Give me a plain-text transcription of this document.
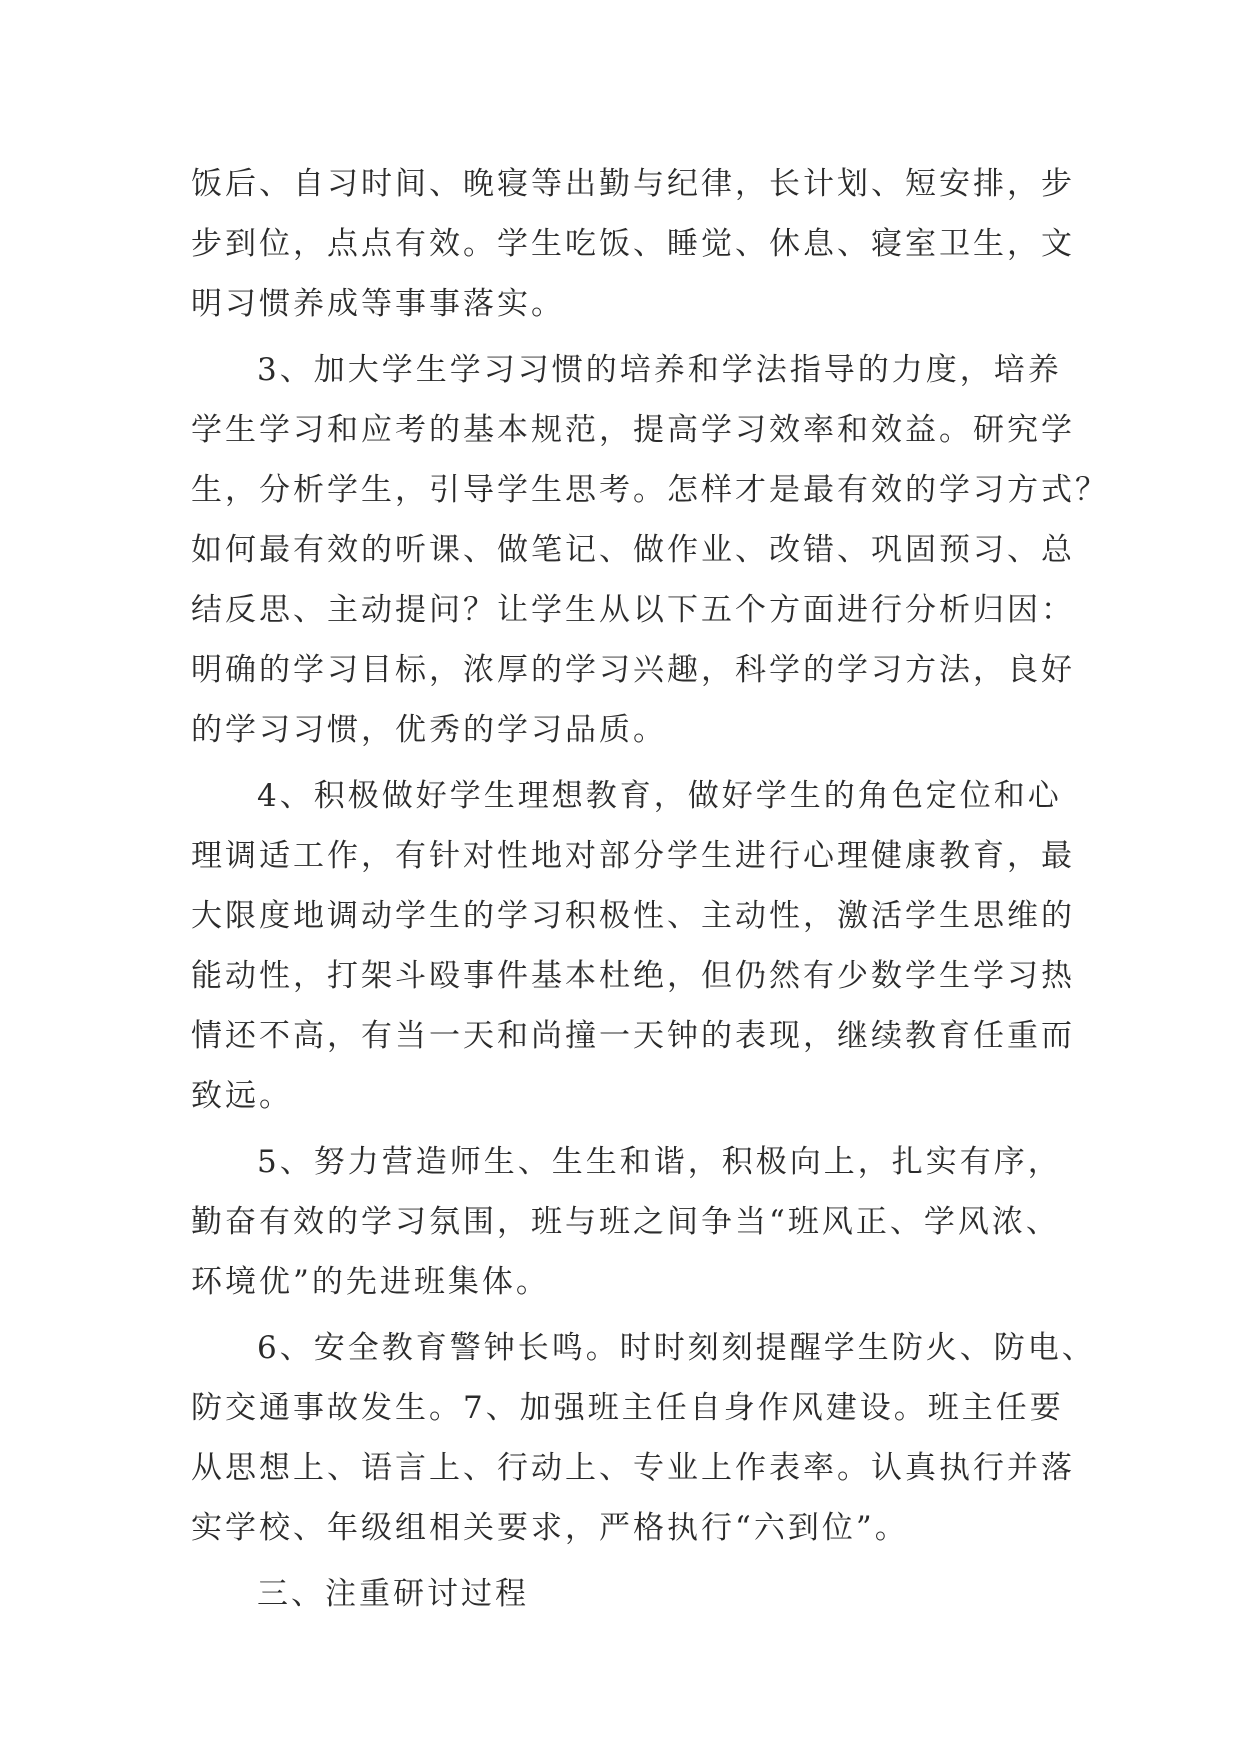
饭后、自习时间、晚寝等出勤与纪律，长计划、短安排，步
步到位，点点有效。学生吃饭、睡觉、休息、寝室卫生，文
明习惯养成等事事落实。
3、加大学生学习习惯的培养和学法指导的力度，培养
学生学习和应考的基本规范，提高学习效率和效益。研究学
生，分析学生，引导学生思考。怎样才是最有效的学习方式？
如何最有效的听课、做笔记、做作业、改错、巩固预习、总
结反思、主动提问？让学生从以下五个方面进行分析归因：
明确的学习目标，浓厚的学习兴趣，科学的学习方法，良好
的学习习惯，优秀的学习品质。
4、积极做好学生理想教育，做好学生的角色定位和心
理调适工作，有针对性地对部分学生进行心理健康教育，最
大限度地调动学生的学习积极性、主动性，激活学生思维的
能动性，打架斗殴事件基本杜绝，但仍然有少数学生学习热
情还不高，有当一天和尚撞一天钟的表现，继续教育任重而
致远。
5、努力营造师生、生生和谐，积极向上，扎实有序，
勤奋有效的学习氛围，班与班之间争当“班风正、学风浓、
环境优”的先进班集体。
6、安全教育警钟长鸣。时时刻刻提醒学生防火、防电、
防交通事故发生。7、加强班主任自身作风建设。班主任要
从思想上、语言上、行动上、专业上作表率。认真执行并落
实学校、年级组相关要求，严格执行“六到位”。
三、注重研讨过程
